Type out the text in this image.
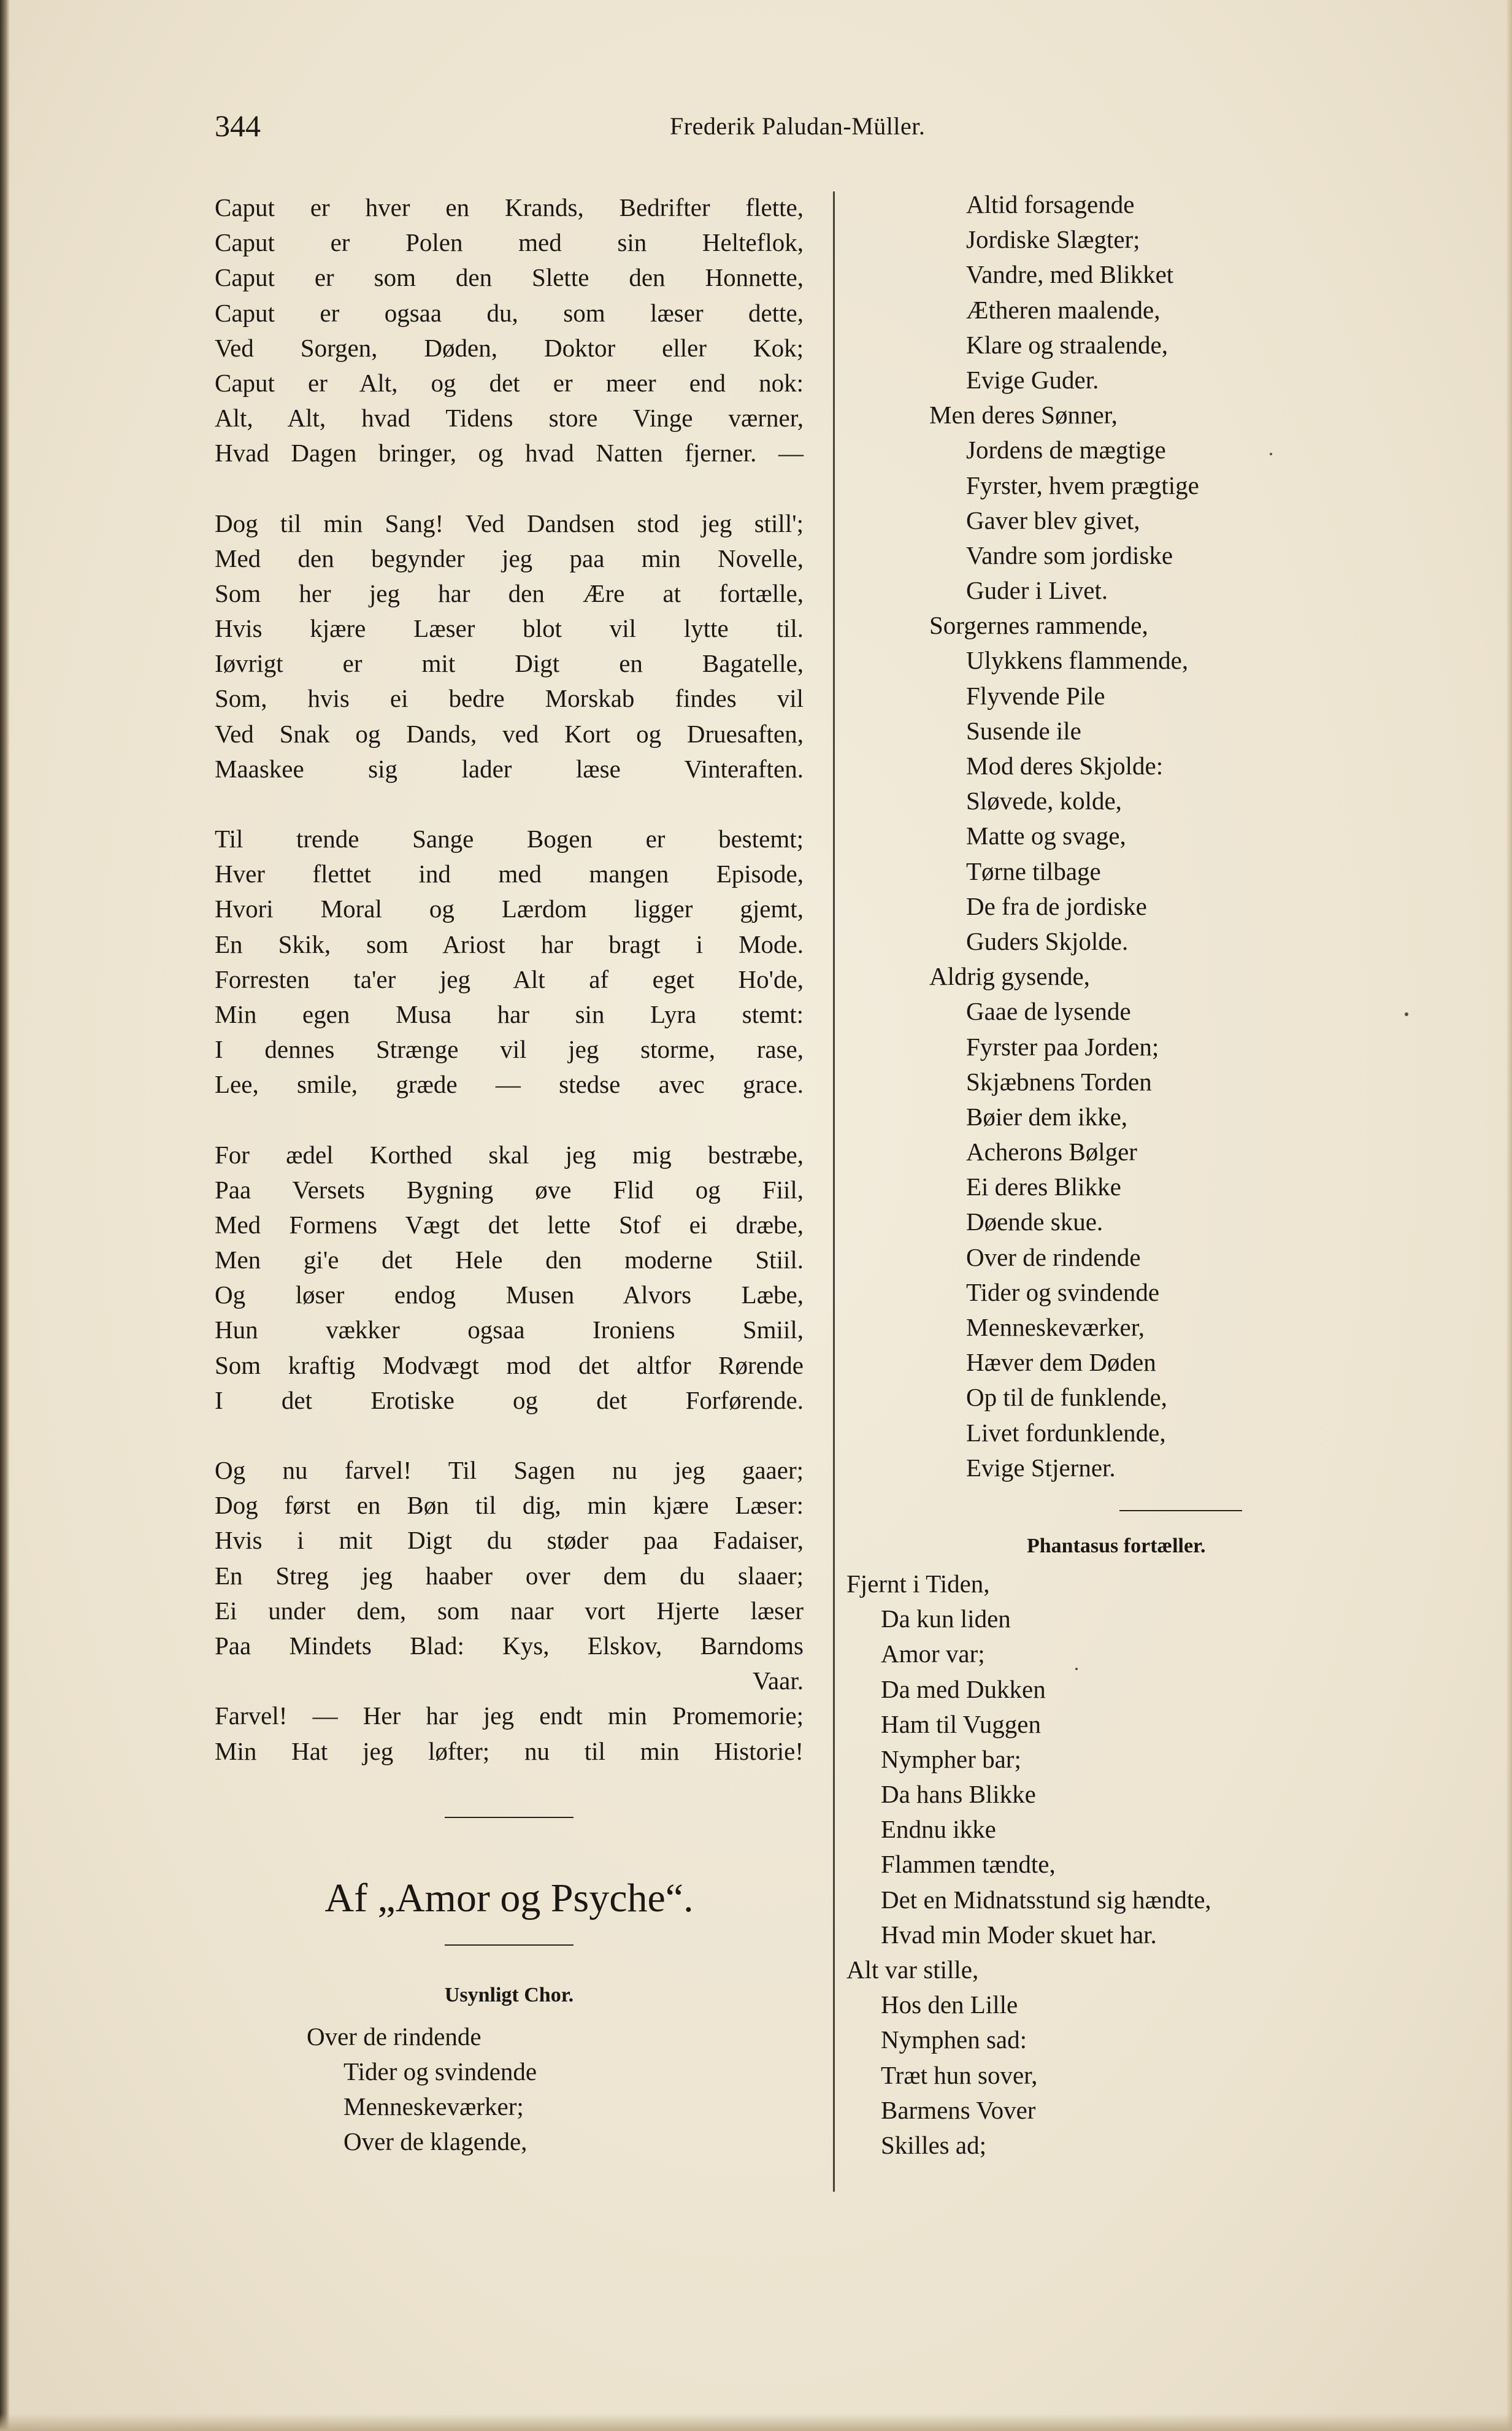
344	Frederik Paludan-Müller.
Caput er hver en Krands, Bedrifter flette,
Caput er Polen med sin Helteflok,
Caput er som den Slette den Honnette,
Caput er ogsaa du, som læser dette,
Ved Sorgen, Døden, Doktor eller Kok;
Caput er Alt, og det er meer end nok:
Alt, Alt, hvad Tidens store Vinge værner,
Hvad Dagen bringer, og hvad Natten fjerner. —
Dog til min Sang! Ved Dandsen stod jeg still';
Med den begynder jeg paa min Novelle,
Som her jeg har den Ære at fortælle,
Hvis kjære Læser blot vil lytte til.
Iøvrigt er mit Digt en Bagatelle,
Som, hvis ei bedre Morskab findes vil
Ved Snak og Dands, ved Kort og Druesaften,
Maaskee sig lader læse Vinteraften.
Til trende Sange Bogen er bestemt;
Hver flettet ind med mangen Episode,
Hvori Moral og Lærdom ligger gjemt,
En Skik, som Ariost har bragt i Mode.
Forresten ta'er jeg Alt af eget Ho'de,
Min egen Musa har sin Lyra stemt:
I dennes Strænge vil jeg storme, rase,
Lee, smile, græde — stedse avec grace.
For ædel Korthed skal jeg mig bestræbe,
Paa Versets Bygning øve Flid og Fiil,
Med Formens Vægt det lette Stof ei dræbe,
Men gi'e det Hele den moderne Stiil.
Og løser endog Musen Alvors Læbe,
Hun vækker ogsaa Ironiens Smiil,
Som kraftig Modvægt mod det altfor Rørende
I det Erotiske og det Forførende.
Og nu farvel! Til Sagen nu jeg gaaer;
Dog først en Bøn til dig, min kjære Læser:
Hvis i mit Digt du støder paa Fadaiser,
En Streg jeg haaber over dem du slaaer;
Ei under dem, som naar vort Hjerte læser
Paa Mindets Blad: Kys, Elskov, Barndoms
Vaar.
Farvel! — Her har jeg endt min Promemorie;
Min Hat jeg løfter; nu til min Historie!
Af „Amor og Psyche“.
Usynligt Chor.
Over de rindende
Tider og svindende
Menneskeværker;
Over de klagende,
Altid forsagende
Jordiske Slægter;
Vandre, med Blikket
Ætheren maalende,
Klare og straalende,
Evige Guder.
Men deres Sønner,
Jordens de mægtige
Fyrster, hvem prægtige
Gaver blev givet,
Vandre som jordiske
Guder i Livet.
Sorgernes rammende,
Ulykkens flammende,
Flyvende Pile
Susende ile
Mod deres Skjolde:
Sløvede, kolde,
Matte og svage,
Tørne tilbage
De fra de jordiske
Guders Skjolde.
Aldrig gysende,
Gaae de lysende
Fyrster paa Jorden;
Skjæbnens Torden
Bøier dem ikke,
Acherons Bølger
Ei deres Blikke
Døende skue.
Over de rindende
Tider og svindende
Menneskeværker,
Hæver dem Døden
Op til de funklende,
Livet fordunklende,
Evige Stjerner.
Phantasus fortæller.
Fjernt i Tiden,
Da kun liden
Amor var;
Da med Dukken
Ham til Vuggen
Nympher bar;
Da hans Blikke
Endnu ikke
Flammen tændte,
Det en Midnatsstund sig hændte,
Hvad min Moder skuet har.
Alt var stille,
Hos den Lille
Nymphen sad:
Træt hun sover,
Barmens Vover
Skilles ad;
